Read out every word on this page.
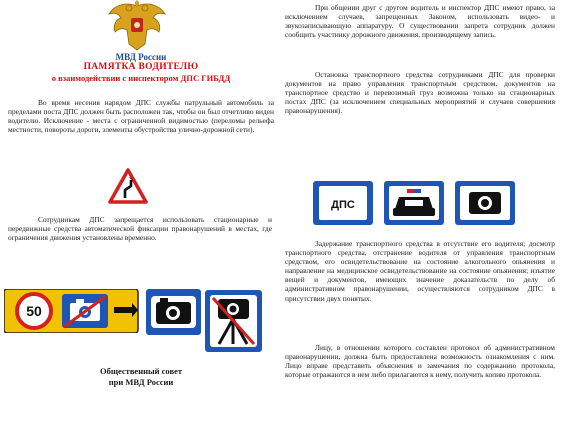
МВД России
ПАМЯТКА ВОДИТЕЛЮ
о взаимодействии с инспектором ДПС ГИБДД

Во время несения нарядом ДПС службы патрульный автомобиль за пределами поста ДПС должен быть расположен так, чтобы он был отчетливо виден водителю. Исключение - места с ограниченной видимостью (переломы рельефа местности, повороты дороги, элементы обустройства улично-дорожной сети).

Сотрудникам ДПС запрещается использовать стационарные и передвижные средства автоматической фиксации правонарушений в местах, где ограничения движения установлены временно.

50
Общественный совет
при МВД России

При общении друг с другом водитель и инспектор ДПС имеют право, за исключением случаев, запрещенных Законом, использовать видео- и звукозаписывающую аппаратуру. О существовании запрета сотрудник должен сообщить участнику дорожного движения, производящему запись.

Остановка транспортного средства сотрудниками ДПС для проверки документов на право управления транспортным средством, документов на транспортное средство и перевозимый груз возможна только на стационарных постах ДПС (за исключением специальных мероприятий и случаев совершения правонарушения).

ДПС

Задержание транспортного средства в отсутствие его водителя; досмотр транспортного средства, отстранение водителя от управления транспортным средством, его освидетельствование на состояние алкогольного опьянения и направление на медицинское освидетельствование на состояние опьянения; изъятие вещей и документов, имеющих значение доказательств по делу об административном правонарушении, осуществляются сотрудником ДПС в присутствии двух понятых.

Лицу, в отношении которого составлен протокол об административном правонарушении, должна быть предоставлена возможность ознакомления с ним. Лицо вправе представить объяснения и замечания по содержанию протокола, которые отражаются в нем либо прилагаются к нему, получить копию протокола.
